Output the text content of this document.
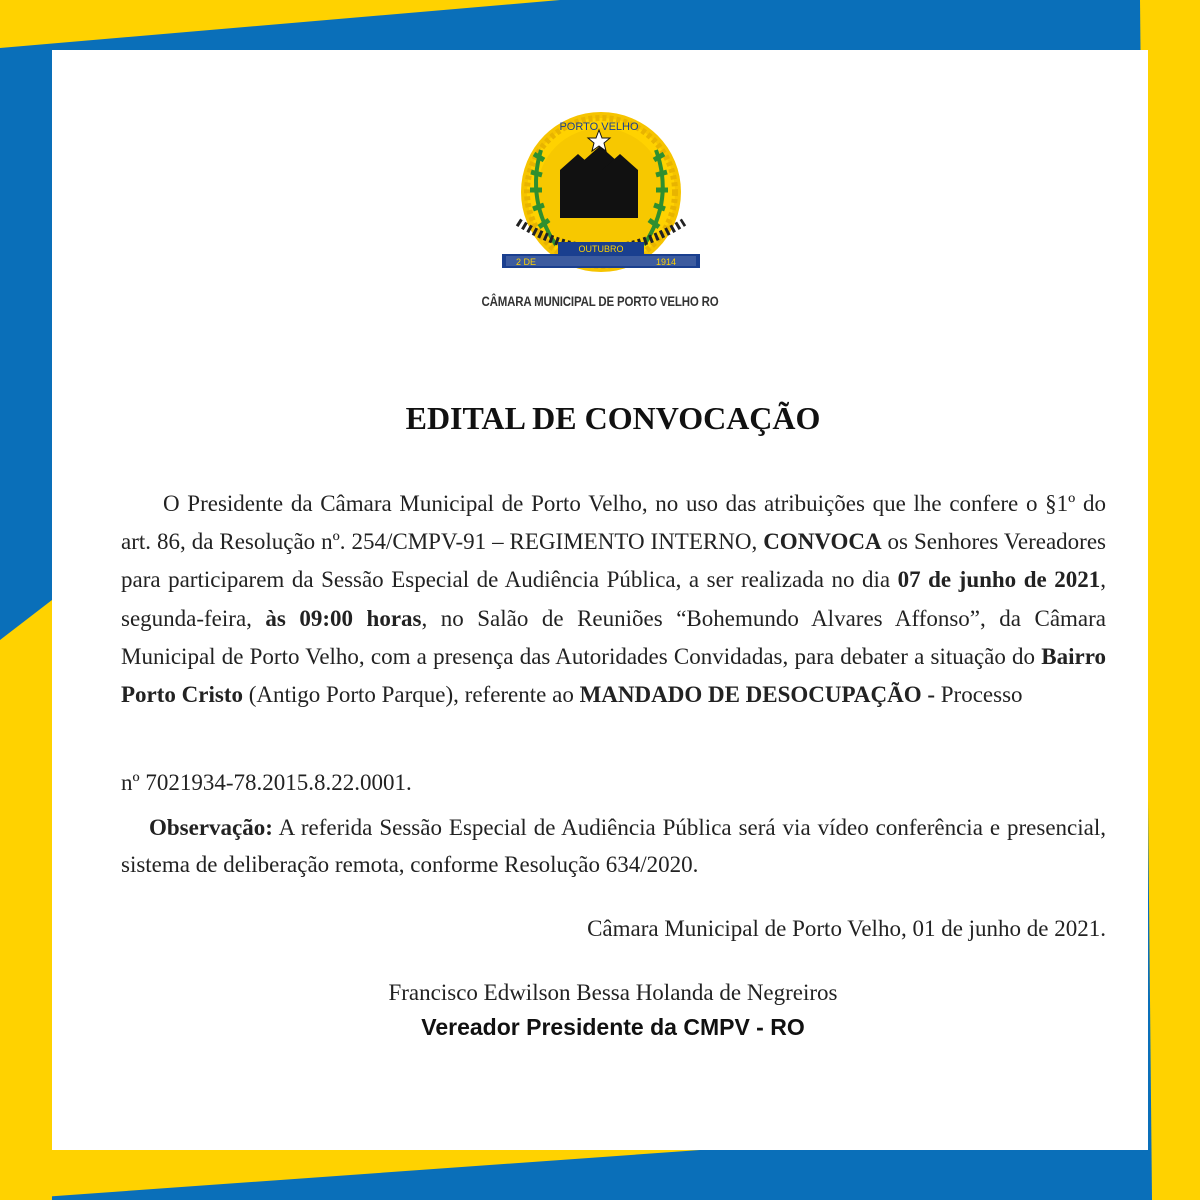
PORTO VELHO
OUTUBRO
2 DE	1914
CÂMARA MUNICIPAL DE PORTO VELHO RO
EDITAL DE CONVOCAÇÃO
O Presidente da Câmara Municipal de Porto Velho, no uso das atribuições que lhe confere o §1º do art. 86, da Resolução nº. 254/CMPV-91 – REGIMENTO INTERNO, CONVOCA os Senhores Vereadores para participarem da Sessão Especial de Audiência Pública, a ser realizada no dia 07 de junho de 2021, segunda-feira, às 09:00 horas, no Salão de Reuniões “Bohemundo Alvares Affonso”, da Câmara Municipal de Porto Velho, com a presença das Autoridades Convidadas, para debater a situação do Bairro Porto Cristo (Antigo Porto Parque), referente ao MANDADO DE DESOCUPAÇÃO - Processo
nº 7021934-78.2015.8.22.0001.
Observação: A referida Sessão Especial de Audiência Pública será via vídeo conferência e presencial, sistema de deliberação remota, conforme Resolução 634/2020.
Câmara Municipal de Porto Velho, 01 de junho de 2021.
Francisco Edwilson Bessa Holanda de Negreiros
Vereador Presidente da CMPV - RO
